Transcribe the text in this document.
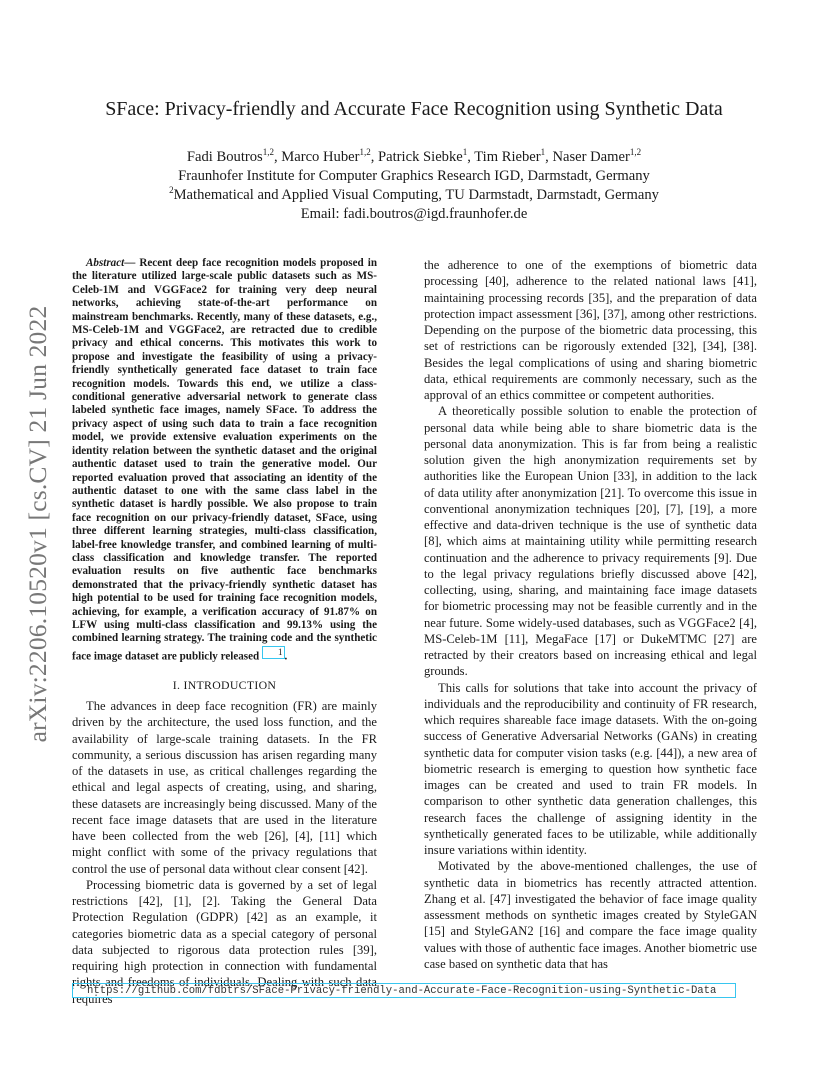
arXiv:2206.10520v1 [cs.CV] 21 Jun 2022
SFace: Privacy-friendly and Accurate Face Recognition using Synthetic Data
Fadi Boutros$^{1,2}$, Marco Huber$^{1,2}$, Patrick Siebke$^1$, Tim Rieber$^1$, Naser Damer$^{1,2}$
Fraunhofer Institute for Computer Graphics Research IGD, Darmstadt, Germany
$^2$Mathematical and Applied Visual Computing, TU Darmstadt, Darmstadt, Germany
Email: fadi.boutros@igd.fraunhofer.de

Abstract— Recent deep face recognition models proposed in the literature utilized large-scale public datasets such as MS-Celeb-1M and VGGFace2 for training very deep neural networks, achieving state-of-the-art performance on mainstream benchmarks. Recently, many of these datasets, e.g., MS-Celeb-1M and VGGFace2, are retracted due to credible privacy and ethical concerns. This motivates this work to propose and investigate the feasibility of using a privacy-friendly synthetically generated face dataset to train face recognition models. Towards this end, we utilize a class-conditional generative adversarial network to generate class labeled synthetic face images, namely SFace. To address the privacy aspect of using such data to train a face recognition model, we provide extensive evaluation experiments on the identity relation between the synthetic dataset and the original authentic dataset used to train the generative model. Our reported evaluation proved that associating an identity of the authentic dataset to one with the same class label in the synthetic dataset is hardly possible. We also propose to train face recognition on our privacy-friendly dataset, SFace, using three different learning strategies, multi-class classification, label-free knowledge transfer, and combined learning of multi-class classification and knowledge transfer. The reported evaluation results on five authentic face benchmarks demonstrated that the privacy-friendly synthetic dataset has high potential to be used for training face recognition models, achieving, for example, a verification accuracy of 91.87% on LFW using multi-class classification and 99.13% using the combined learning strategy. The training code and the synthetic face image dataset are publicly released 1 .

I. INTRODUCTION

The advances in deep face recognition (FR) are mainly driven by the architecture, the used loss function, and the availability of large-scale training datasets. In the FR community, a serious discussion has arisen regarding many of the datasets in use, as critical challenges regarding the ethical and legal aspects of creating, using, and sharing, these datasets are increasingly being discussed. Many of the recent face image datasets that are used in the literature have been collected from the web [26], [4], [11] which might conflict with some of the privacy regulations that control the use of personal data without clear consent [42].

Processing biometric data is governed by a set of legal restrictions [42], [1], [2]. Taking the General Data Protection Regulation (GDPR) [42] as an example, it categories biometric data as a special category of personal data subjected to rigorous data protection rules [39], requiring high protection in connection with fundamental rights and freedoms of individuals. Dealing with such data requires

the adherence to one of the exemptions of biometric data processing [40], adherence to the related national laws [41], maintaining processing records [35], and the preparation of data protection impact assessment [36], [37], among other restrictions. Depending on the purpose of the biometric data processing, this set of restrictions can be rigorously extended [32], [34], [38]. Besides the legal complications of using and sharing biometric data, ethical requirements are commonly necessary, such as the approval of an ethics committee or competent authorities.

A theoretically possible solution to enable the protection of personal data while being able to share biometric data is the personal data anonymization. This is far from being a realistic solution given the high anonymization requirements set by authorities like the European Union [33], in addition to the lack of data utility after anonymization [21]. To overcome this issue in conventional anonymization techniques [20], [7], [19], a more effective and data-driven technique is the use of synthetic data [8], which aims at maintaining utility while permitting research continuation and the adherence to privacy requirements [9]. Due to the legal privacy regulations briefly discussed above [42], collecting, using, sharing, and maintaining face image datasets for biometric processing may not be feasible currently and in the near future. Some widely-used databases, such as VGGFace2 [4], MS-Celeb-1M [11], MegaFace [17] or DukeMTMC [27] are retracted by their creators based on increasing ethical and legal grounds.

This calls for solutions that take into account the privacy of individuals and the reproducibility and continuity of FR research, which requires shareable face image datasets. With the on-going success of Generative Adversarial Networks (GANs) in creating synthetic data for computer vision tasks (e.g. [44]), a new area of biometric research is emerging to question how synthetic face images can be created and used to train FR models. In comparison to other synthetic data generation challenges, this research faces the challenge of assigning identity in the synthetically generated faces to be utilizable, while additionally insure variations within identity.

Motivated by the above-mentioned challenges, the use of synthetic data in biometrics has recently attracted attention. Zhang et al. [47] investigated the behavior of face image quality assessment methods on synthetic images created by StyleGAN [15] and StyleGAN2 [16] and compare the face image quality values with those of authentic face images. Another biometric use case based on synthetic data that has

https://github.com/fdbtrs/SFace-Privacy-friendly-and-Accurate-Face-Recognition-using-Synthetic-Data
